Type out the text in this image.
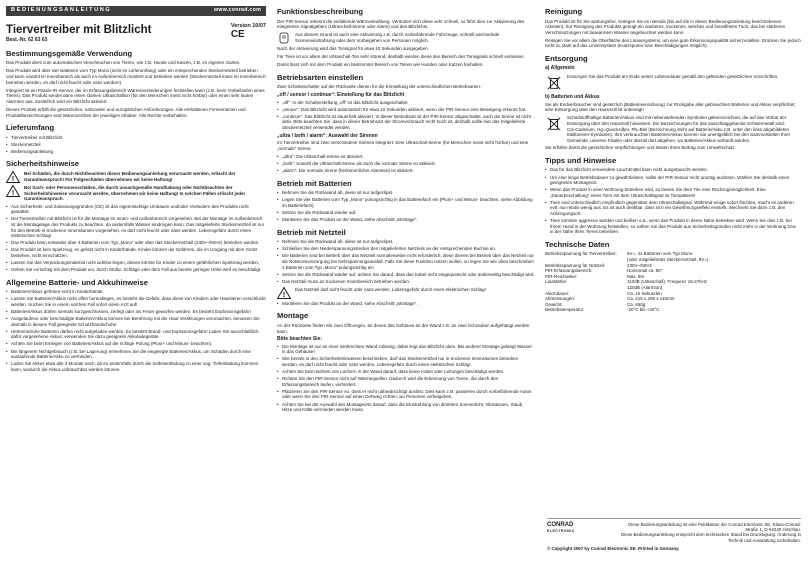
BEDIENUNGSANLEITUNG	www.conrad.com
Tiervertreiber mit Blitzlicht	Version 10/07
CE
Best.-Nr. 62 63 63
Bestimmungsgemäße Verwendung

Das Produkt dient zum automatischen Verscheuchen von Tieren, wie z.B. Hunde und Katzen, z.B. im eigenen Garten.

Das Produkt wird über vier Batterien vom Typ Mono (nicht im Lieferumfang) oder ein entsprechendes Steckernetzteil betrieben und kann sowohl im Innenbereich als auch im Außenbereich montiert und betrieben werden (Steckernetzteil muss im Innenbereich betrieben werden, es darf nicht feucht oder nass werden!).

Integriert ist ein Passiv-IR-Sensor, der im Erfassungsbereich Wärmeveränderungen feststellen kann (z.B. beim Vorbeilaufen eines Tieres). Das Produkt sendet dann einen starken Ultraschallton (für den Menschen meist nicht hörbar) oder einen sehr lauten Alarmton aus. Zusätzlich wird ein Blitzlicht aktiviert.

Dieses Produkt erfüllt die gesetzlichen, nationalen und europäischen Anforderungen. Alle enthaltenen Firmennamen und Produktbezeichnungen sind Warenzeichen der jeweiligen Inhaber. Alle Rechte vorbehalten.

Lieferumfang
• Tiervertreiber mit Blitzlicht
• Steckernetzteil
• Bedienungsanleitung
Sicherheitshinweise
!
Bei Schäden, die durch Nichtbeachten dieser Bedienungsanleitung verursacht werden, erlischt der Garantieanspruch! Für Folgeschäden übernehmen wir keine Haftung!
!
Bei Sach- oder Personenschäden, die durch unsachgemäße Handhabung oder Nichtbeachten der Sicherheitshinweise verursacht werden, übernehmen wir keine Haftung! In solchen Fällen erlischt jeder Garantieanspruch.
• Aus Sicherheits- und Zulassungsgründen (CE) ist das eigenmächtige Umbauen und/oder Verändern des Produkts nicht gestattet.
• Der Tiervertreiber mit Blitzlicht ist für die Montage im Innen- und Außenbereich vorgesehen. Bei der Montage im Außenbereich ist die Montagelage des Produkts zu beachten, da andernfalls Wasser eindringen kann. Das mitgelieferte Steckernetzteil ist nur für den Betrieb in trockenen Innenräumen vorgesehen, es darf nicht feucht oder nass werden, Lebensgefahr durch einen elektrischen Schlag!
• Das Produkt kann entweder über 4 Batterien vom Typ „Mono“ oder über das Steckernetzteil (230V~/50Hz) betrieben werden.
• Das Produkt ist kein Spielzeug, es gehört nicht in Kinderhände. Kinder können die Gefahren, die im Umgang mit dem Gerät bestehen, nicht einschätzen.
• Lassen Sie das Verpackungsmaterial nicht achtlos liegen, dieses könnte für Kinder zu einem gefährlichen Spielzeug werden.
• Gehen Sie vorsichtig mit dem Produkt um, durch Stöße, Schläge oder dem Fall aus bereits geringer Höhe wird es beschädigt.
Allgemeine Batterie- und Akkuhinweise
• Batterien/Akkus gehören nicht in Kinderhände.
• Lassen Sie Batterien/Akkus nicht offen herumliegen, es besteht die Gefahr, dass diese von Kindern oder Haustieren verschluckt werden. Suchen Sie in einem solchen Fall sofort einen Arzt auf!
• Batterien/Akkus dürfen niemals kurzgeschlossen, zerlegt oder ins Feuer geworfen werden. Es besteht Explosionsgefahr!
• Ausgelaufene oder beschädigte Batterien/Akkus können bei Berührung mit der Haut Verätzungen verursachen, benutzen Sie deshalb in diesem Fall geeignete Schutzhandschuhe.
• Herkömmliche Batterien dürfen nicht aufgeladen werden. Es besteht Brand- und Explosionsgefahr! Laden Sie ausschließlich dafür vorgesehene Akkus; verwenden Sie dazu geeignete Akkuladegeräte.
• Achten Sie beim Einlegen von Batterien/Akkus auf die richtige Polung (Plus/+ und Minus/- beachten).
• Bei längerem Nichtgebrauch (z.B. bei Lagerung) entnehmen Sie die eingelegte Batterien/Akkus, um Schäden durch eine auslaufende Batterie/Akku zu vermeiden.
• Laden Sie Akkus etwa alle 3 Monate nach, da es andernfalls durch die Selbstentladung zu einer sog. Tiefentladung kommen kann, wodurch die Akkus unbrauchbar werden können.
Funktionsbeschreibung

Der PIR-Sensor erkennt die einfallende Wärmestrahlung. Verändert sich diese sehr schnell, so führt dies zur Aktivierung des integrierten Signalgebers (Ultraschall-Sirene oder Alarm) und des Blitzlichts.

Aus diesem Grund ist auch eine Aktivierung z.B. durch vorbeifahrende Fahrzeuge, schnell wechselnde Sonneneinstrahlung oder dem Vorbeigehen von Personen möglich.

Nach der Aktivierung wird das Tonsignal für etwa 10 Sekunden ausgegeben.

Für Tiere ist vor allem der Ultraschall-Ton sehr störend, deshalb werden diese den Bereich des Tonsignals schnell verlassen.

Damit lässt sich mit dem Produkt ein bestimmter Bereich von Tieren wie Hunden oder Katzen freihalten.

Betriebsarten einstellen

Zwei Schiebeschalter auf der Rückseite dienen für die Einstellung der unterschiedlichen Betriebsarten.

„off / sensor / continue“: Einstellung für das Blitzlicht
• „off“: In der Schalterstellung „off“ ist das Blitzlicht ausgeschaltet.
• „sensor“: Das Blitzlicht wird automatisch für etwa 10 Sekunden aktiviert, wenn der PIR-Sensor eine Bewegung erkannt hat.
• „continue“: Das Blitzlicht ist dauerhaft aktiviert. In dieser Betriebsart ist der PIR-Sensor abgeschaltet, auch die Sirene ist nicht aktiv. Bitte beachten Sie, dass in dieser Betriebsart der Stromverbrauch recht hoch ist, deshalb sollte hier das mitgelieferte Steckernetzteil verwendet werden.
„ultra / both / alarm“: Auswahl der Sirenen

Im Tiervertreiber sind zwei verschiedene Sirenen integriert: Eine Ultraschall-Sirene (für Menschen meist nicht hörbar) und eine „normale“ Sirene.

• „ultra“: Die Ultraschall-Sirene ist aktiviert.
• „both“: Sowohl die Ultraschall-Sirene als auch die normale Sirene ist aktiviert.
• „alarm“: Die normale Sirene (herkömmlicher Alarmton) ist aktiviert.
Betrieb mit Batterien
• Nehmen Sie die Rückwand ab, diese ist nur aufgeclipst.
• Legen Sie vier Batterien vom Typ „Mono“ polungsrichtig in das Batteriefach ein (Plus/+ und Minus/- beachten, siehe Abbildung im Batteriefach).
• Setzen Sie die Rückwand wieder auf.
• Montieren Sie das Produkt an der Wand, siehe Abschnitt „Montage“.
Betrieb mit Netzteil
• Nehmen Sie die Rückwand ab, diese ist nur aufgeclipst.
• Schließen Sie den Niederspannungsstecker des mitgelieferten Netzteils an der entsprechenden Buchse an.
• Die Batterien sind bei Betrieb über das Netzteil normalerweise nicht erforderlich; diese dienen bei Betrieb über das Netzteil nur als Notstromversorgung bei Netzspannungsausfall. Falls Sie diese Funktion nutzen wollen, so legen Sie wie oben beschrieben 4 Batterien vom Typ „Mono“ polungsrichtig ein.
• Setzen Sie die Rückwand wieder auf, achten Sie darauf, dass das Kabel nicht eingequetscht oder anderweitig beschädigt wird.
• Das Netzteil muss an trockenen Innenbereich betrieben werden.
!
Das Netzteil darf nicht feucht oder nass werden, Lebensgefahr durch einen elektrischen Schlag!
• Montieren Sie das Produkt an der Wand, siehe Abschnitt „Montage“.
Montage

An der Rückseite finden Sie zwei Öffnungen, an denen das Gehäuse an der Wand z.B. an zwei Schrauben aufgehängt werden kann.

Bitte beachten Sie:
• Die Montage ist nur an einer senkrechten Wand zulässig; dabei liegt das Blitzlicht oben. Bei anderer Montage gelangt Wasser in das Gehäuse!
• Wie bereits in den Sicherheitshinweisen beschrieben, darf das Steckernetzteil nur in trockenen Innenräumen betrieben werden, es darf nicht feucht oder nass werden, Lebensgefahr durch einen elektrischen Schlag!
• Achten Sie beim Bohren von Löchern in der Wand darauf, dass keine Kabel oder Leitungen beschädigt werden.
• Richten Sie den PIR-Sensor nicht auf Wärmequellen. Dadurch wird die Erkennung von Tieren, die durch den Erfassungsbereich laufen, verhindert.
• Platzieren Sie den PIR-Sensor so, dass er nicht unbeabsichtigt auslöst. Dies kann z.B. passieren durch vorbeifahrende Autos oder wenn Sie den PIR-Sensor auf einen Gehweg richten, wo Personen vorbeigehen.
• Achten Sie bei der Auswahl des Montageorts darauf, dass die Einstrahlung von direktem Sonnenlicht, Vibrationen, Staub, Hitze und Kälte vermieden werden muss.
Reinigung

Das Produkt ist für Sie wartungsfrei, zerlegen Sie es niemals (bis auf die in dieser Bedienungsanleitung beschriebenen Arbeiten). Zur Reinigung des Produkts genügt ein sauberes, trockenes, weiches und fusselfreies Tuch, das bei stärkeren Verschmutzungen mit lauwarmem Wasser angefeuchtet werden kann.

Reinigen Sie vor allem die Oberfläche des Linsensystems, um eine gute Erkennungsqualität sicherzustellen. Drücken Sie jedoch nicht zu stark auf das Linsensystem (Kratzspuren bzw. Beschädigungen möglich).

Entsorgung
a) Allgemein
Entsorgen Sie das Produkt am Ende seiner Lebensdauer gemäß den geltenden gesetzlichen Vorschriften.
b) Batterien und Akkus

Sie als Endverbraucher sind gesetzlich (Batterieverordnung) zur Rückgabe aller gebrauchten Batterien und Akkus verpflichtet; eine Entsorgung über den Hausmüll ist untersagt!

Schadstoffhaltige Batterien/Akkus sind mit nebenstehenden Symbolen gekennzeichnet, die auf das Verbot der Entsorgung über den Hausmüll hinweisen. Die Bezeichnungen für das ausschlaggebende Schwermetall sind: Cd=Cadmium, Hg=Quecksilber, Pb=Blei (Bezeichnung steht auf Batterie/Akku z.B. unter den links abgebildeten Mülltonnen-Symbolen). Ihre verbrauchten Batterien/Akkus können Sie unentgeltlich bei den Sammelstellen Ihrer Gemeinde, unseren Filialen oder überall dort abgeben, wo Batterien/Akkus verkauft werden.

Sie erfüllen damit die gesetzlichen Verpflichtungen und leisten Ihren Beitrag zum Umweltschutz.

Tipps und Hinweise
• Das für das Blitzlicht verwendete Leuchtmittel kann nicht ausgetauscht werden.
• Um eine lange Betriebsdauer zu gewährleisten, sollte der PIR-Sensor nicht unnötig auslösen. Wählen Sie deshalb einen geeigneten Montageort.
• Wenn das Produkt in einer Wohnung betrieben wird, so lassen Sie dem Tier eine Rückzugsmöglichkeit. Eine „Dauerbeschallung“ eines Tiers mit dem Ultraschallsignal ist Tierquälerei!
• Tiere sind unterschiedlich empfindlich gegenüber dem Ultraschallsignal. Während einige sofort flüchten, macht es anderen evtl. nur relativ wenig aus. Es ist auch denkbar, dass sich ein Gewöhnungseffekt einstellt. Wechseln Sie dann z.B. den Anbringungsort.
• Tiere könnten aggressiv werden und beißen o.ä., wenn das Produkt in deren Nähe betrieben wird. Wenn Sie dies z.B. bei Ihrem Hund in der Wohnung feststellen, so sollten Sie das Produkt aus Sicherheitsgründen nicht mehr in der Wohnung bzw. in der Nähe Ihres Tieres betreiben.
Technische Daten
Betriebsspannung für Tiervertreiber:	6V=, 4x Batterien vom Typ Mono
(oder mitgeliefertes Steckernetzteil, 9V=)
Betriebsspannung für Netzteil:	230V~/50Hz
PIR-Erfassungsbereich:	Horizontal ca. 90°
PIR-Reichweite:	Max. 8m
Lautstärke:	110dB (Ultraschall), Frequenz 16-27kHz
120dB (Alarmton)
Alarmdauer:	Ca. 10 Sekunden
Abmessungen:	Ca. 215 x 205 x 110mm
Gewicht:	Ca. 650g
Betriebstemperatur:	-20°C bis +40°C
CONRAD
ELECTRONIC
Diese Bedienungsanleitung ist eine Publikation der Conrad Electronic SE, Klaus-Conrad-Straße 1, D-92240 Hirschau.
Diese Bedienungsanleitung entspricht dem technischen Stand bei Drucklegung. Änderung in Technik und Ausstattung vorbehalten.
© Copyright 2007 by Conrad Electronic SE. Printed in Germany.
